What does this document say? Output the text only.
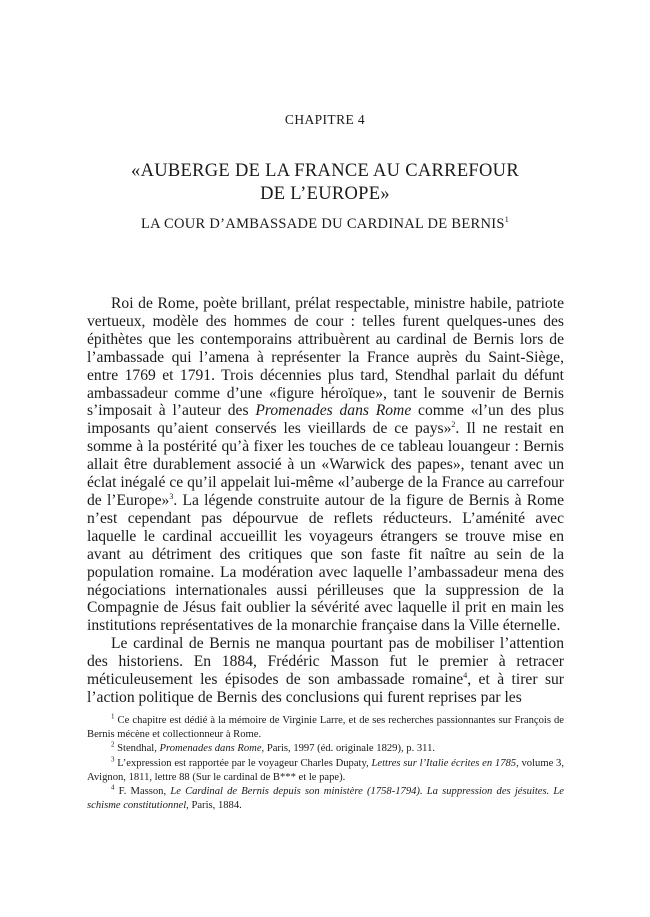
CHAPITRE 4
«AUBERGE DE LA FRANCE AU CARREFOUR
DE L’EUROPE»
LA COUR D’AMBASSADE DU CARDINAL DE BERNIS$^1$

Roi de Rome, poète brillant, prélat respectable, ministre habile, patriote vertueux, modèle des hommes de cour : telles furent quelques-unes des épithètes que les contemporains attribuèrent au cardinal de Bernis lors de l’ambassade qui l’amena à représenter la France auprès du Saint-Siège, entre 1769 et 1791. Trois décennies plus tard, Stendhal parlait du défunt ambassadeur comme d’une «figure héroïque», tant le souvenir de Bernis s’imposait à l’auteur des Promenades dans Rome comme «l’un des plus imposants qu’aient conservés les vieillards de ce pays»$^2$. Il ne restait en somme à la postérité qu’à fixer les touches de ce tableau louangeur : Bernis allait être durablement associé à un «Warwick des papes», tenant avec un éclat inégalé ce qu’il appelait lui-même «l’auberge de la France au carrefour de l’Europe»$^3$. La légende construite autour de la figure de Bernis à Rome n’est cependant pas dépourvue de reflets réducteurs. L’aménité avec laquelle le cardinal accueillit les voyageurs étrangers se trouve mise en avant au détriment des critiques que son faste fit naître au sein de la population romaine. La modération avec laquelle l’ambassadeur mena des négociations internationales aussi périlleuses que la suppression de la Compagnie de Jésus fait oublier la sévérité avec laquelle il prit en main les institutions représentatives de la monarchie française dans la Ville éternelle.

Le cardinal de Bernis ne manqua pourtant pas de mobiliser l’attention des historiens. En 1884, Frédéric Masson fut le premier à retracer méticuleusement les épisodes de son ambassade romaine$^4$, et à tirer sur l’action politique de Bernis des conclusions qui furent reprises par les

$^1$ Ce chapitre est dédié à la mémoire de Virginie Larre, et de ses recherches passionnantes sur François de Bernis mécène et collectionneur à Rome.

$^2$ Stendhal, Promenades dans Rome, Paris, 1997 (éd. originale 1829), p. 311.

$^3$ L’expression est rapportée par le voyageur Charles Dupaty, Lettres sur l’Italie écrites en 1785, volume 3, Avignon, 1811, lettre 88 (Sur le cardinal de B*** et le pape).

$^4$ F. Masson, Le Cardinal de Bernis depuis son ministère (1758-1794). La suppression des jésuites. Le schisme constitutionnel, Paris, 1884.
